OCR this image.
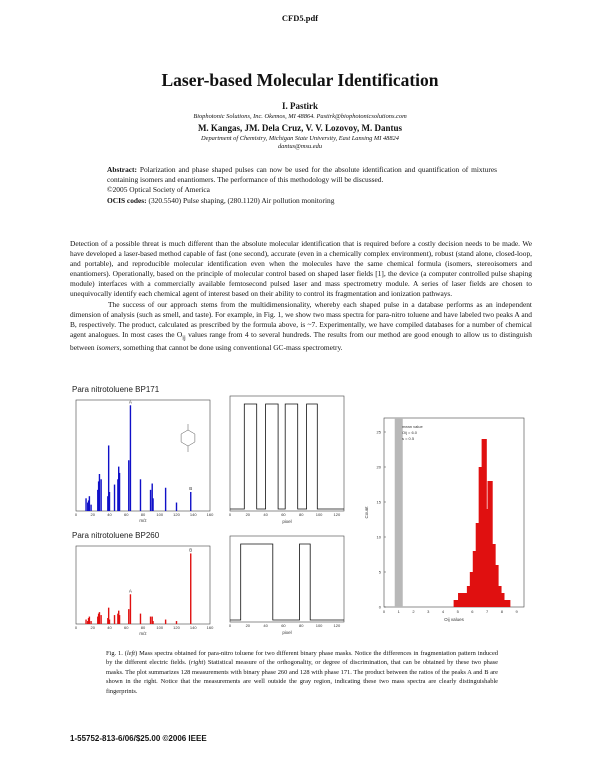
CFD5.pdf
Laser-based Molecular Identification
I. Pastirk
Biophotonic Solutions, Inc. Okemos, MI 48864. Pastirk@biophotonicsolutions.com
M. Kangas, JM. Dela Cruz, V. V. Lozovoy, M. Dantus
Department of Chemistry, Michigan State University, East Lansing MI 48824
dantus@msu.edu
Abstract: Polarization and phase shaped pulses can now be used for the absolute identification and quantification of mixtures containing isomers and enantiomers. The performance of this methodology will be discussed.
©2005 Optical Society of America
OCIS codes: (320.5540) Pulse shaping, (280.1120) Air pollution monitoring

Detection of a possible threat is much different than the absolute molecular identification that is required before a costly decision needs to be made. We have developed a laser-based method capable of fast (one second), accurate (even in a chemically complex environment), robust (stand alone, closed-loop, and portable), and reproducible molecular identification even when the molecules have the same chemical formula (isomers, stereoisomers and enantiomers). Operationally, based on the principle of molecular control based on shaped laser fields [1], the device (a computer controlled pulse shaping module) interfaces with a commercially available femtosecond pulsed laser and mass spectrometry module. A series of laser fields are chosen to unequivocally identify each chemical agent of interest based on their ability to control its fragmentation and ionization pathways.

The success of our approach stems from the multidimensionality, whereby each shaped pulse in a database performs as an independent dimension of analysis (such as smell, and taste). For example, in Fig. 1, we show two mass spectra for para-nitro toluene and have labeled two peaks A and B, respectively. The product, calculated as prescribed by the formula above, is ~7. Experimentally, we have compiled databases for a number of chemical agent analogues. In most cases the $O_{ij}$ values range from 4 to several hundreds. The results from our method are good enough to allow us to distinguish between isomers, something that cannot be done using conventional GC-mass spectrometry.

Para nitrotoluene BP171
Para nitrotoluene BP260
0	20	40	60	80	100	120	140	160
m/z
A
B
0	20	40	60	80	100	120	140	160
m/z
A
B
0	20	40	60	80	100	120
pixel
0	20	40	60	80	100	120
pixel
0
5
10
15
20
25
0	1	2	3	4	5	6	7	8	9
Oij values
Count
mean value
Oij = 6.0
s = 0.5
Fig. 1. (left) Mass spectra obtained for para-nitro toluene for two different binary phase masks. Notice the differences in fragmentation pattern induced by the different electric fields. (right) Statistical measure of the orthogonality, or degree of discrimination, that can be obtained by these two phase masks. The plot summarizes 128 measurements with binary phase 260 and 128 with phase 171. The product between the ratios of the peaks A and B are shown in the right. Notice that the measurements are well outside the gray region, indicating these two mass spectra are clearly distinguishable fingerprints.
1-55752-813-6/06/$25.00 ©2006 IEEE
